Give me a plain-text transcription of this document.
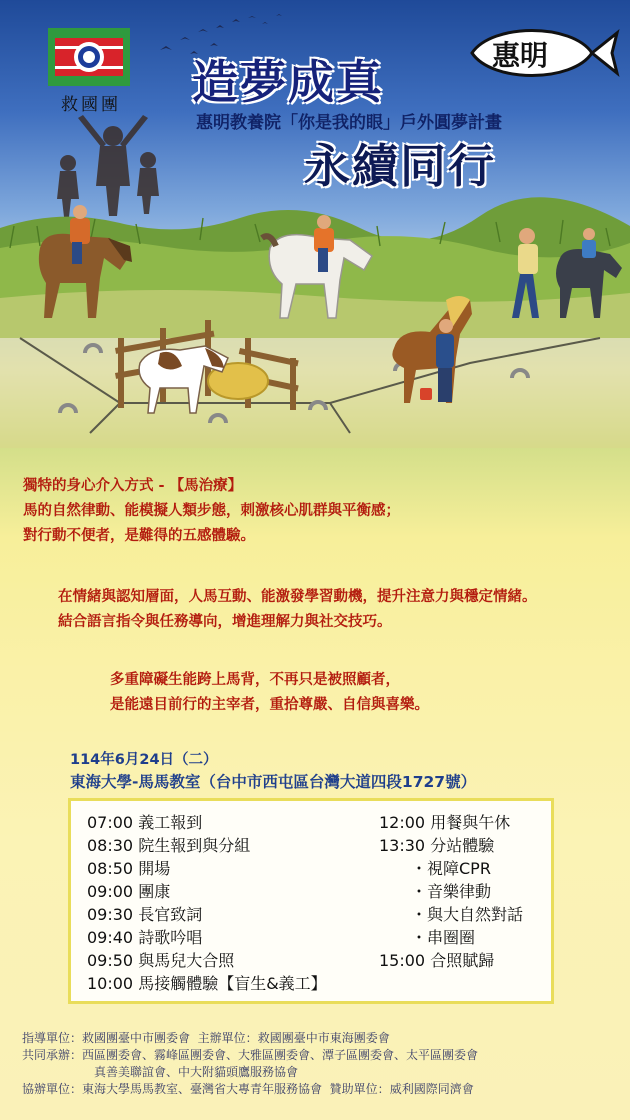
救國團
惠明
造夢成真
惠明教養院「你是我的眼」戶外圓夢計畫
永續同行
獨特的身心介入方式 - 【馬治療】
馬的自然律動、能模擬人類步態，刺激核心肌群與平衡感；
對行動不便者，是難得的五感體驗。
在情緒與認知層面，人馬互動、能激發學習動機，提升注意力與穩定情緒。
結合語言指令與任務導向，增進理解力與社交技巧。
多重障礙生能跨上馬背，不再只是被照顧者，
是能遠目前行的主宰者，重拾尊嚴、自信與喜樂。
114年6月24日（二）
東海大學-馬馬教室（台中市西屯區台灣大道四段1727號）
07:00 義工報到
08:30 院生報到與分組
08:50 開場
09:00 團康
09:30 長官致詞
09:40 詩歌吟唱
09:50 與馬兒大合照
10:00 馬接觸體驗【盲生&義工】
12:00 用餐與午休
13:30 分站體驗
・視障CPR
・音樂律動
・與大自然對話
・串圈圈
15:00 合照賦歸
指導單位：救國團臺中市團委會 主辦單位：救國團臺中市東海團委會
共同承辦：西區團委會、霧峰區團委會、大雅區團委會、潭子區團委會、太平區團委會
真善美聯誼會、中大附貓頭鷹服務協會
協辦單位：東海大學馬馬教室、臺灣省大專青年服務協會 贊助單位：威利國際同濟會
